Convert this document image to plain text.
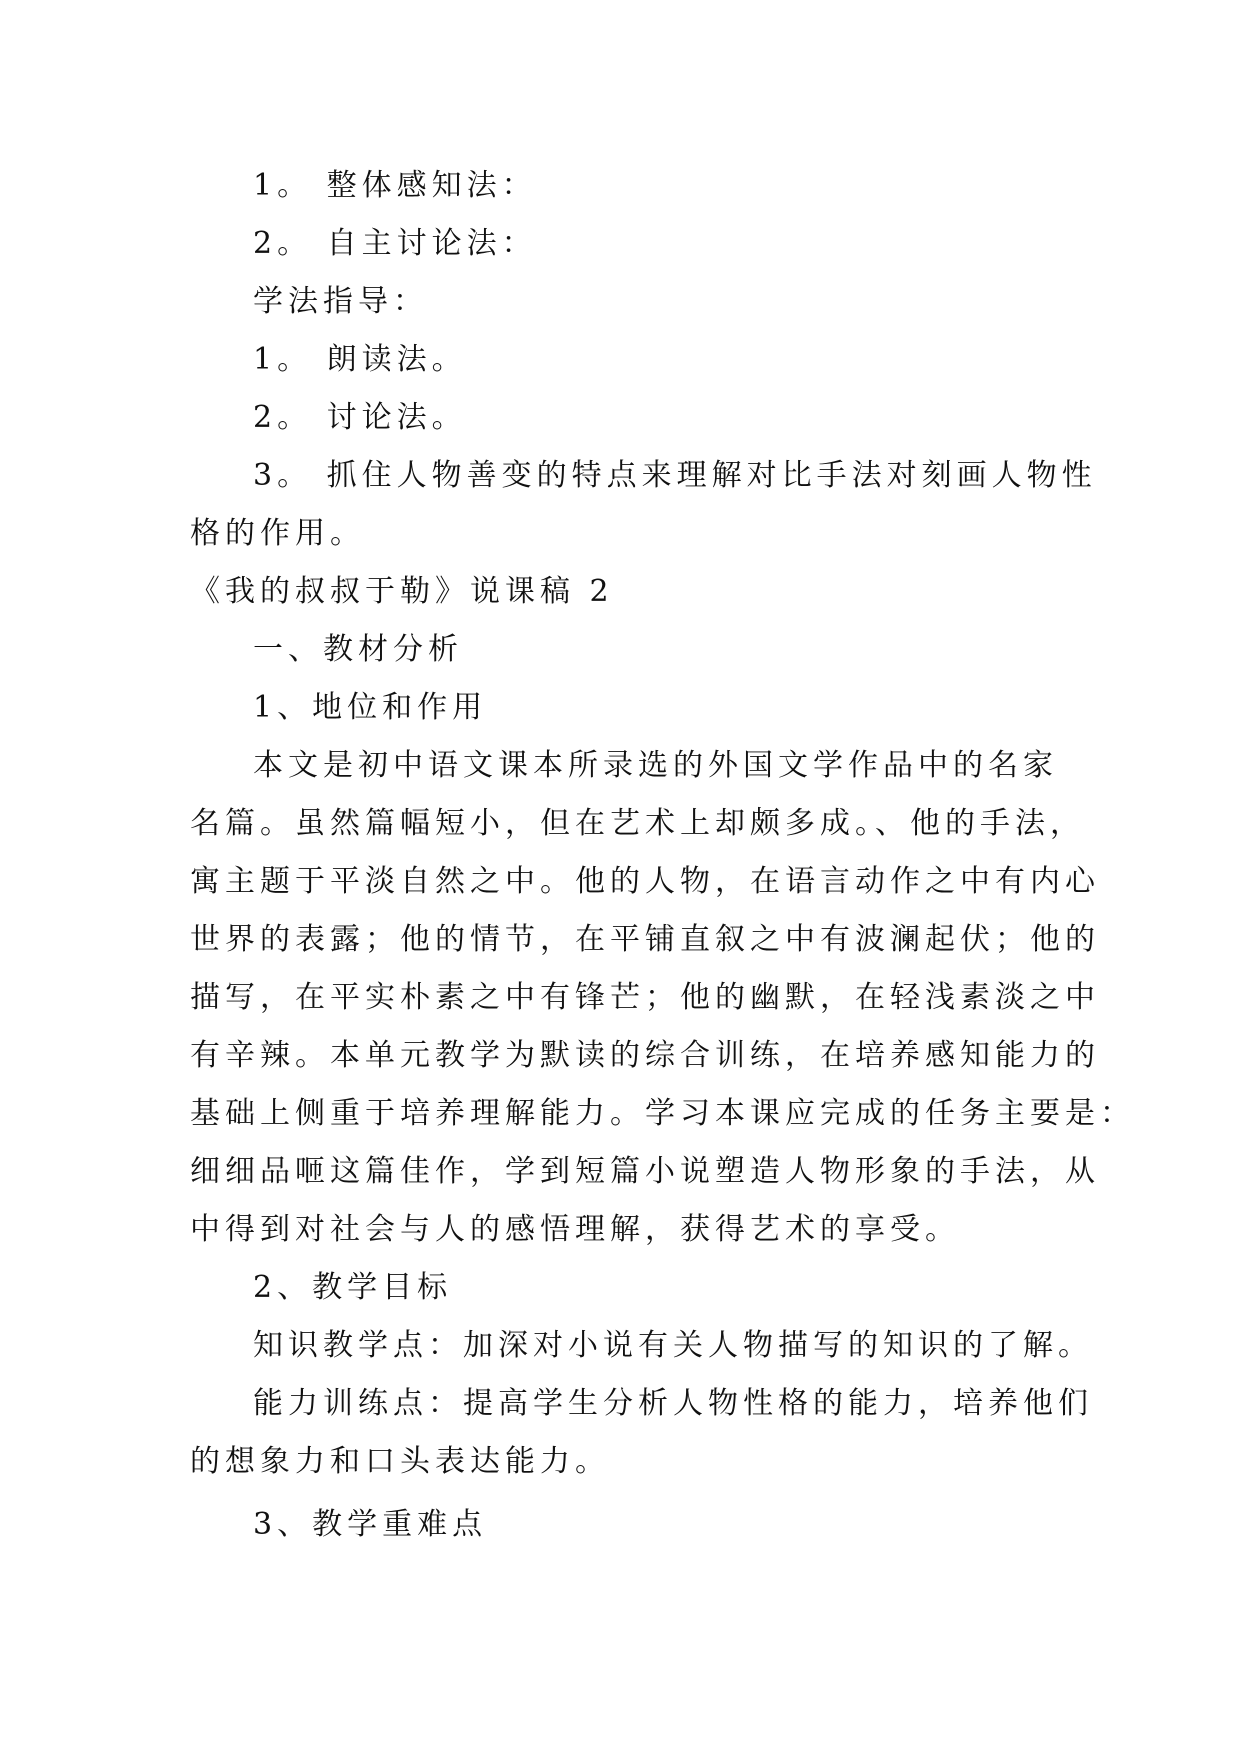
1。 整体感知法：
2。 自主讨论法：
学法指导：
1。 朗读法。
2。 讨论法。
3。 抓住人物善变的特点来理解对比手法对刻画人物性
格的作用。
《我的叔叔于勒》说课稿 2
一、教材分析
1、地位和作用
本文是初中语文课本所录选的外国文学作品中的名家
名篇。虽然篇幅短小，但在艺术上却颇多成。、他的手法，
寓主题于平淡自然之中。他的人物，在语言动作之中有内心
世界的表露；他的情节，在平铺直叙之中有波澜起伏；他的
描写，在平实朴素之中有锋芒；他的幽默，在轻浅素淡之中
有辛辣。本单元教学为默读的综合训练，在培养感知能力的
基础上侧重于培养理解能力。学习本课应完成的任务主要是：
细细品咂这篇佳作，学到短篇小说塑造人物形象的手法，从
中得到对社会与人的感悟理解，获得艺术的享受。
2、教学目标
知识教学点：加深对小说有关人物描写的知识的了解。
能力训练点：提高学生分析人物性格的能力，培养他们
的想象力和口头表达能力。
3、教学重难点
